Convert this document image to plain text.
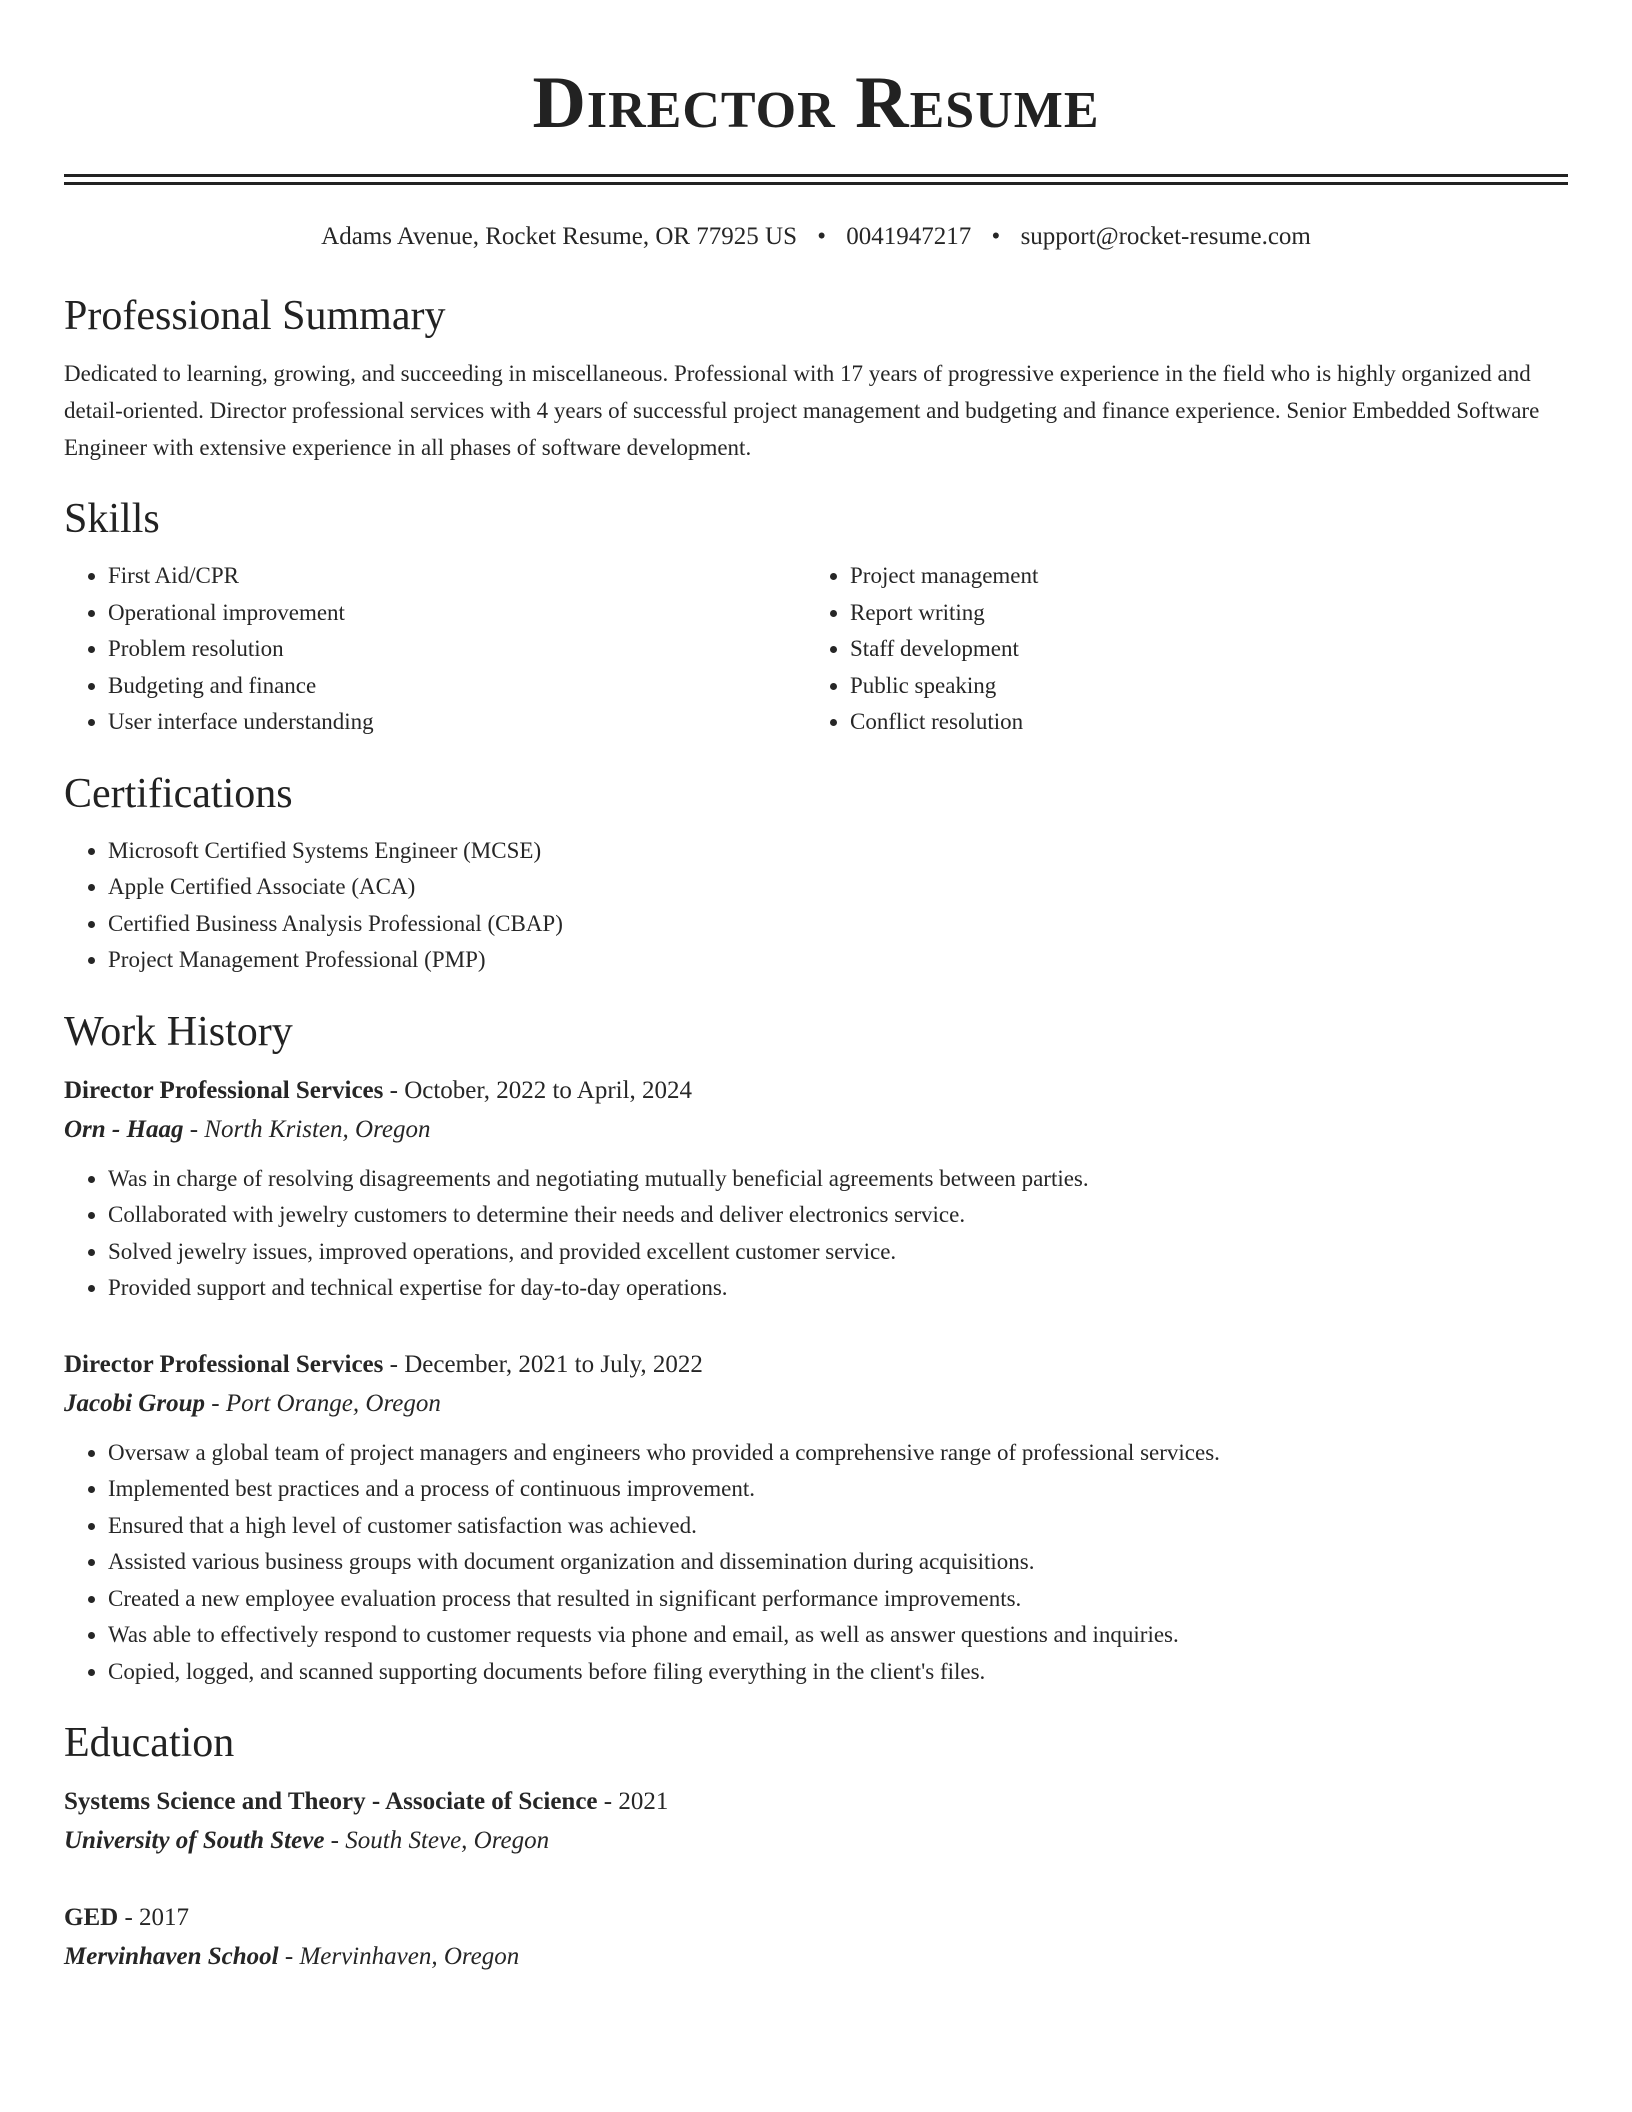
Director Resume
Adams Avenue, Rocket Resume, OR 77925 US • 0041947217 • support@rocket-resume.com
Professional Summary
Dedicated to learning, growing, and succeeding in miscellaneous. Professional with 17 years of progressive experience in the field who is highly organized and detail-oriented. Director professional services with 4 years of successful project management and budgeting and finance experience. Senior Embedded Software Engineer with extensive experience in all phases of software development.
Skills
• First Aid/CPR
• Operational improvement
• Problem resolution
• Budgeting and finance
• User interface understanding
• Project management
• Report writing
• Staff development
• Public speaking
• Conflict resolution
Certifications
• Microsoft Certified Systems Engineer (MCSE)
• Apple Certified Associate (ACA)
• Certified Business Analysis Professional (CBAP)
• Project Management Professional (PMP)
Work History
Director Professional Services - October, 2022 to April, 2024
Orn - Haag - North Kristen, Oregon
• Was in charge of resolving disagreements and negotiating mutually beneficial agreements between parties.
• Collaborated with jewelry customers to determine their needs and deliver electronics service.
• Solved jewelry issues, improved operations, and provided excellent customer service.
• Provided support and technical expertise for day-to-day operations.
Director Professional Services - December, 2021 to July, 2022
Jacobi Group - Port Orange, Oregon
• Oversaw a global team of project managers and engineers who provided a comprehensive range of professional services.
• Implemented best practices and a process of continuous improvement.
• Ensured that a high level of customer satisfaction was achieved.
• Assisted various business groups with document organization and dissemination during acquisitions.
• Created a new employee evaluation process that resulted in significant performance improvements.
• Was able to effectively respond to customer requests via phone and email, as well as answer questions and inquiries.
• Copied, logged, and scanned supporting documents before filing everything in the client's files.
Education
Systems Science and Theory - Associate of Science - 2021
University of South Steve - South Steve, Oregon
GED - 2017
Mervinhaven School - Mervinhaven, Oregon
